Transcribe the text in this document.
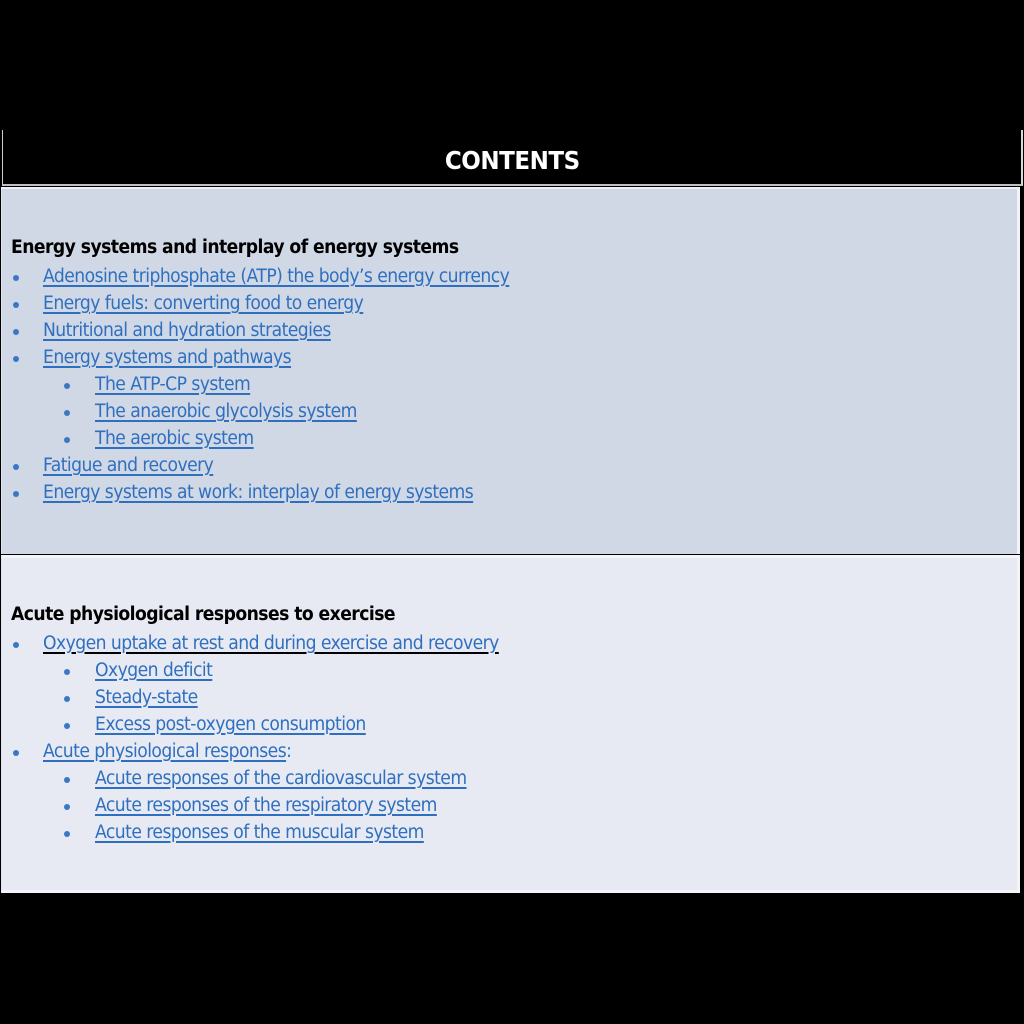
CONTENTS
Energy systems and interplay of energy systems
Adenosine triphosphate (ATP) the body’s energy currency
Energy fuels: converting food to energy
Nutritional and hydration strategies
Energy systems and pathways
The ATP-CP system
The anaerobic glycolysis system
The aerobic system
Fatigue and recovery
Energy systems at work: interplay of energy systems
Acute physiological responses to exercise
Oxygen uptake at rest and during exercise and recovery
Oxygen deficit
Steady-state
Excess post-oxygen consumption
Acute physiological responses:
Acute responses of the cardiovascular system
Acute responses of the respiratory system
Acute responses of the muscular system
